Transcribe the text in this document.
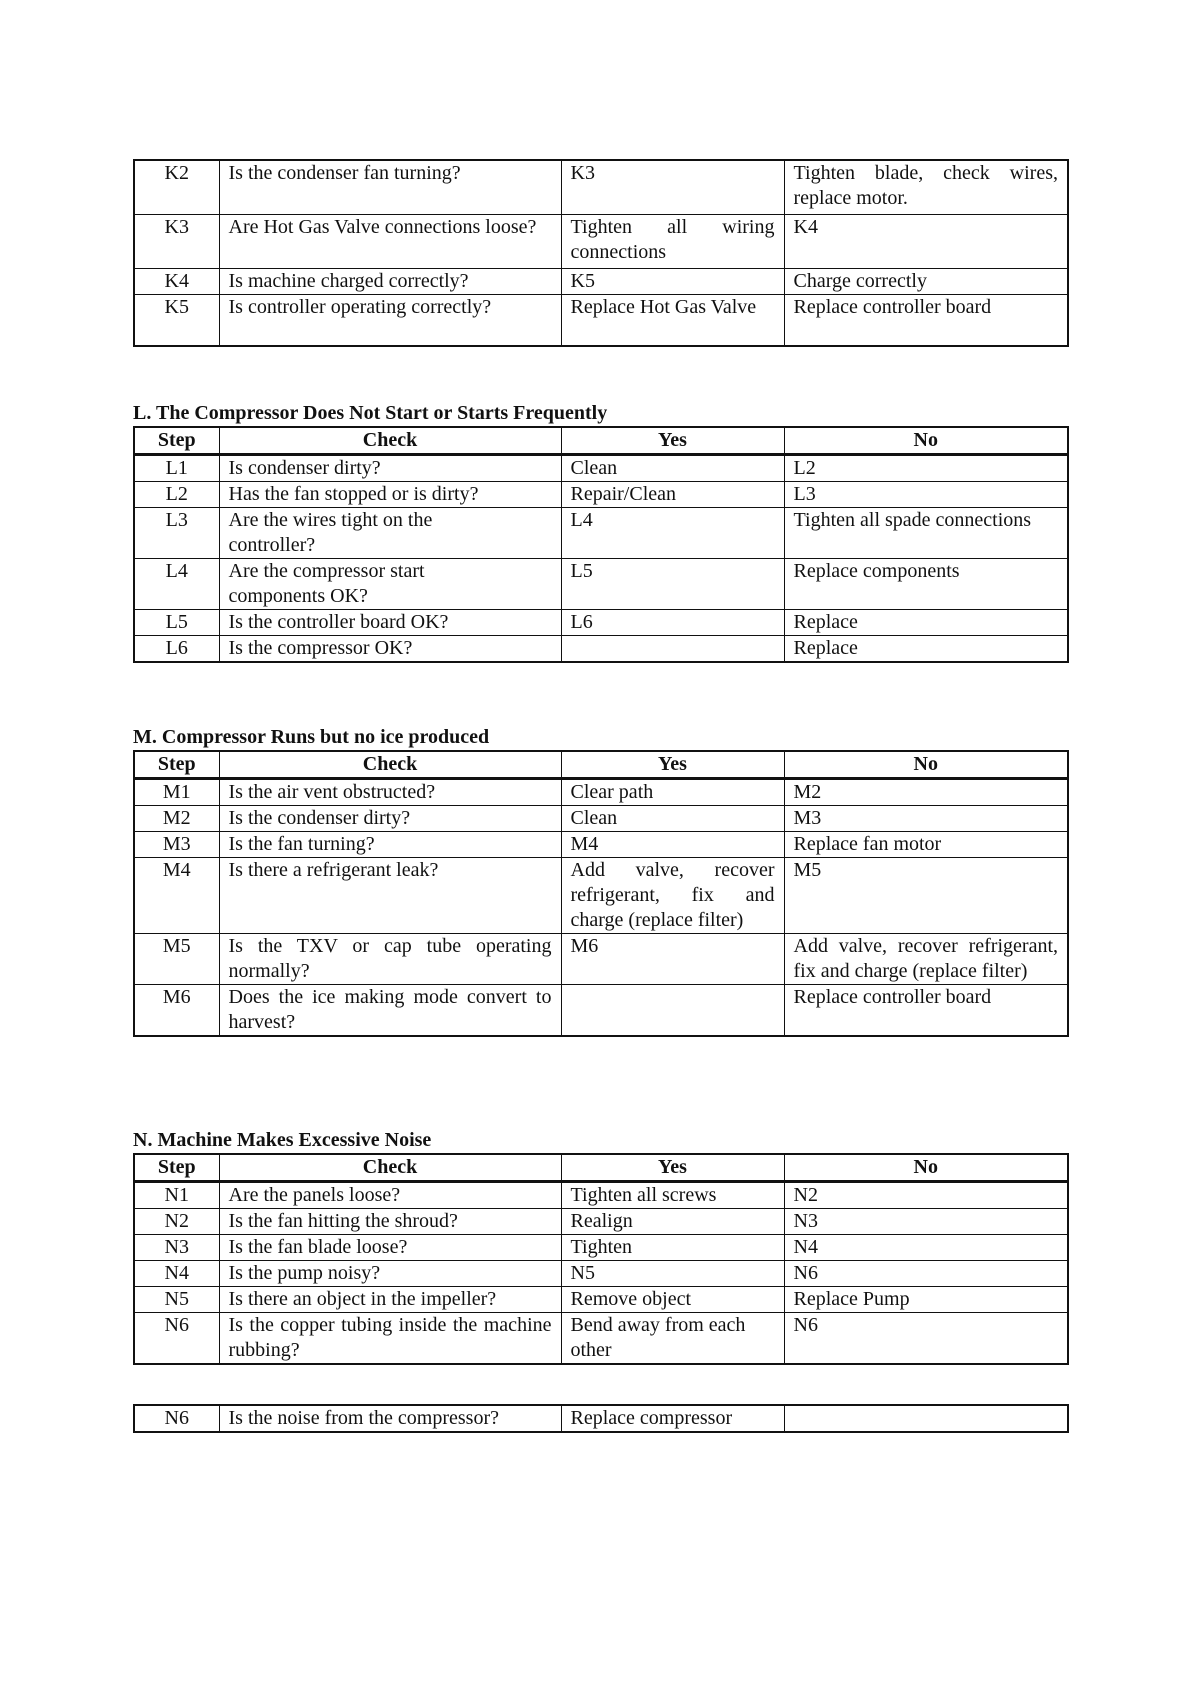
K2	Is the condenser fan turning?	K3	Tighten blade, check wires, replace motor.
K3	Are Hot Gas Valve connections loose?	Tighten all wiring connections	K4
K4	Is machine charged correctly?	K5	Charge correctly
K5	Is controller operating correctly?	Replace Hot Gas Valve	Replace controller board
L. The Compressor Does Not Start or Starts Frequently
Step	Check	Yes	No
L1	Is condenser dirty?	Clean	L2
L2	Has the fan stopped or is dirty?	Repair/Clean	L3
L3	Are the wires tight on the controller?	L4	Tighten all spade connections
L4	Are the compressor start components OK?	L5	Replace components
L5	Is the controller board OK?	L6	Replace
L6	Is the compressor OK?		Replace
M. Compressor Runs but no ice produced
Step	Check	Yes	No
M1	Is the air vent obstructed?	Clear path	M2
M2	Is the condenser dirty?	Clean	M3
M3	Is the fan turning?	M4	Replace fan motor
M4	Is there a refrigerant leak?	Add valve, recover refrigerant, fix and charge (replace filter)	M5
M5	Is the TXV or cap tube operating normally?	M6	Add valve, recover refrigerant, fix and charge (replace filter)
M6	Does the ice making mode convert to harvest?		Replace controller board
N. Machine Makes Excessive Noise
Step	Check	Yes	No
N1	Are the panels loose?	Tighten all screws	N2
N2	Is the fan hitting the shroud?	Realign	N3
N3	Is the fan blade loose?	Tighten	N4
N4	Is the pump noisy?	N5	N6
N5	Is there an object in the impeller?	Remove object	Replace Pump
N6	Is the copper tubing inside the machine rubbing?	Bend away from each other	N6
N6	Is the noise from the compressor?	Replace compressor	
